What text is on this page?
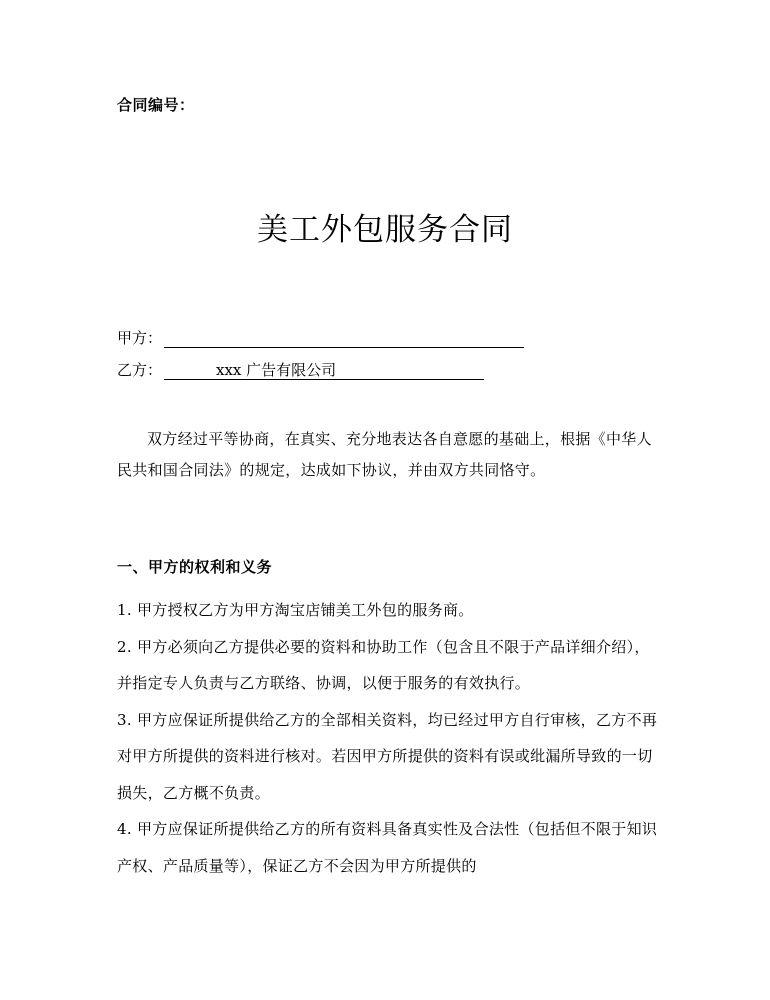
合同编号：
美工外包服务合同
甲方：
乙方：	xxx 广告有限公司
双方经过平等协商，在真实、充分地表达各自意愿的基础上，根据《中华人民共和国合同法》的规定，达成如下协议，并由双方共同恪守。
一、甲方的权利和义务

1. 甲方授权乙方为甲方淘宝店铺美工外包的服务商。

2. 甲方必须向乙方提供必要的资料和协助工作（包含且不限于产品详细介绍），并指定专人负责与乙方联络、协调，以便于服务的有效执行。

3. 甲方应保证所提供给乙方的全部相关资料，均已经过甲方自行审核，乙方不再对甲方所提供的资料进行核对。若因甲方所提供的资料有误或纰漏所导致的一切损失，乙方概不负责。

4. 甲方应保证所提供给乙方的所有资料具备真实性及合法性（包括但不限于知识产权、产品质量等），保证乙方不会因为甲方所提供的
